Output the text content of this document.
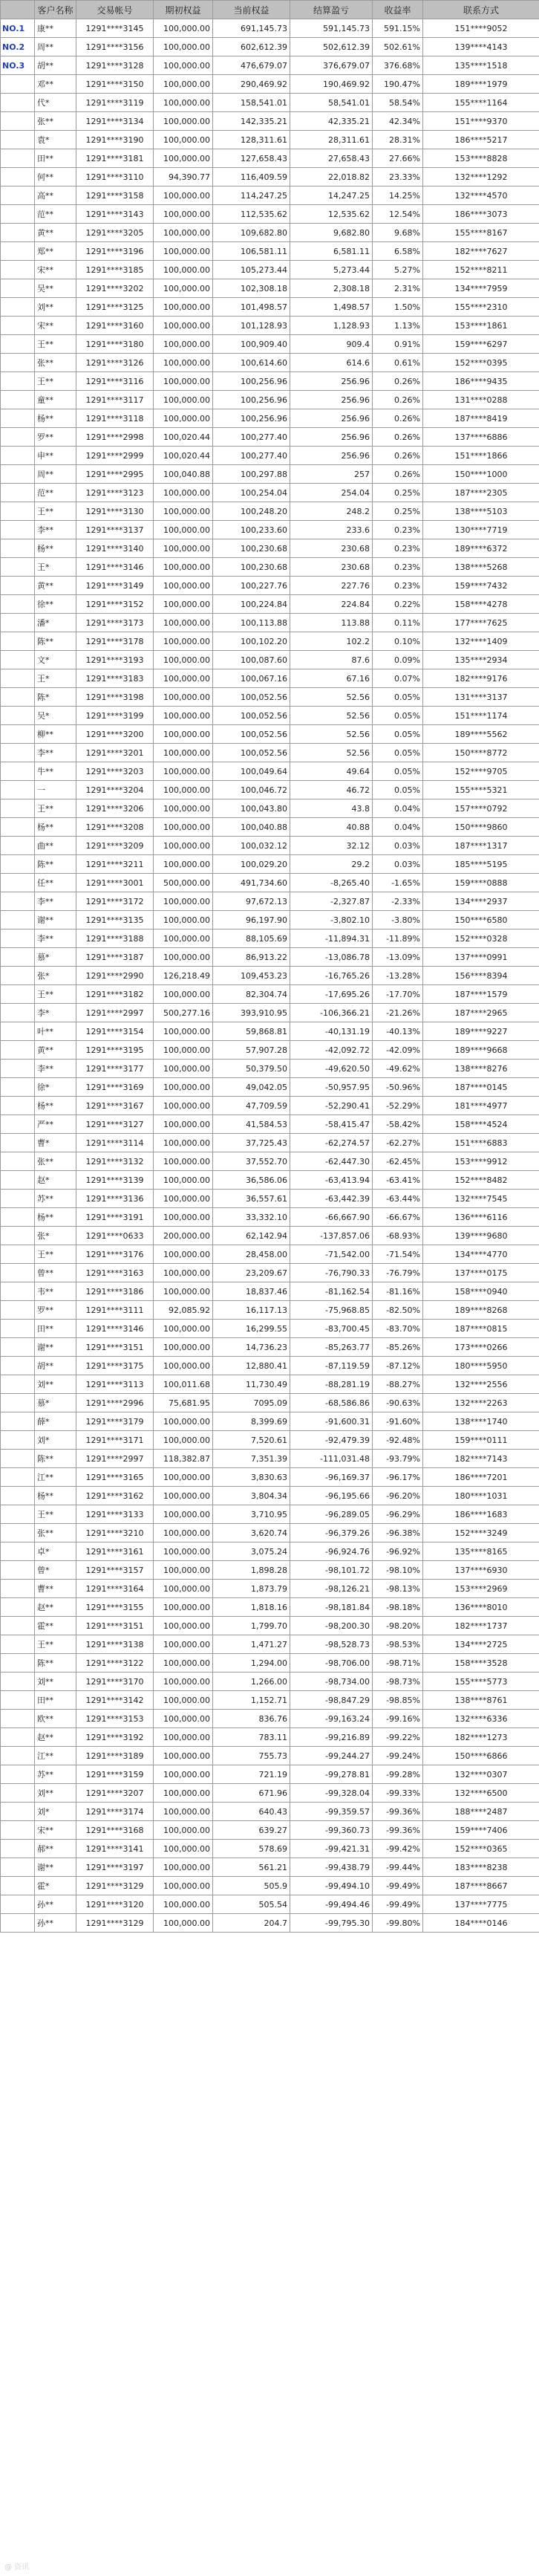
	客户名称	交易帐号	期初权益	当前权益	结算盈亏	收益率	联系方式
NO.1	康**	1291****3145	100,000.00	691,145.73	591,145.73	591.15%	151****9052
NO.2	周**	1291****3156	100,000.00	602,612.39	502,612.39	502.61%	139****4143
NO.3	胡**	1291****3128	100,000.00	476,679.07	376,679.07	376.68%	135****1518
	邓**	1291****3150	100,000.00	290,469.92	190,469.92	190.47%	189****1979
	代*	1291****3119	100,000.00	158,541.01	58,541.01	58.54%	155****1164
	张**	1291****3134	100,000.00	142,335.21	42,335.21	42.34%	151****9370
	袁*	1291****3190	100,000.00	128,311.61	28,311.61	28.31%	186****5217
	田**	1291****3181	100,000.00	127,658.43	27,658.43	27.66%	153****8828
	何**	1291****3110	94,390.77	116,409.59	22,018.82	23.33%	132****1292
	高**	1291****3158	100,000.00	114,247.25	14,247.25	14.25%	132****4570
	范**	1291****3143	100,000.00	112,535.62	12,535.62	12.54%	186****3073
	黄**	1291****3205	100,000.00	109,682.80	9,682.80	9.68%	155****8167
	郑**	1291****3196	100,000.00	106,581.11	6,581.11	6.58%	182****7627
	宋**	1291****3185	100,000.00	105,273.44	5,273.44	5.27%	152****8211
	吴**	1291****3202	100,000.00	102,308.18	2,308.18	2.31%	134****7959
	刘**	1291****3125	100,000.00	101,498.57	1,498.57	1.50%	155****2310
	宋**	1291****3160	100,000.00	101,128.93	1,128.93	1.13%	153****1861
	王**	1291****3180	100,000.00	100,909.40	909.4	0.91%	159****6297
	张**	1291****3126	100,000.00	100,614.60	614.6	0.61%	152****0395
	王**	1291****3116	100,000.00	100,256.96	256.96	0.26%	186****9435
	童**	1291****3117	100,000.00	100,256.96	256.96	0.26%	131****0288
	杨**	1291****3118	100,000.00	100,256.96	256.96	0.26%	187****8419
	罗**	1291****2998	100,020.44	100,277.40	256.96	0.26%	137****6886
	申**	1291****2999	100,020.44	100,277.40	256.96	0.26%	151****1866
	周**	1291****2995	100,040.88	100,297.88	257	0.26%	150****1000
	范**	1291****3123	100,000.00	100,254.04	254.04	0.25%	187****2305
	王**	1291****3130	100,000.00	100,248.20	248.2	0.25%	138****5103
	李**	1291****3137	100,000.00	100,233.60	233.6	0.23%	130****7719
	杨**	1291****3140	100,000.00	100,230.68	230.68	0.23%	189****6372
	王*	1291****3146	100,000.00	100,230.68	230.68	0.23%	138****5268
	黄**	1291****3149	100,000.00	100,227.76	227.76	0.23%	159****7432
	徐**	1291****3152	100,000.00	100,224.84	224.84	0.22%	158****4278
	潘*	1291****3173	100,000.00	100,113.88	113.88	0.11%	177****7625
	陈**	1291****3178	100,000.00	100,102.20	102.2	0.10%	132****1409
	文*	1291****3193	100,000.00	100,087.60	87.6	0.09%	135****2934
	王*	1291****3183	100,000.00	100,067.16	67.16	0.07%	182****9176
	陈*	1291****3198	100,000.00	100,052.56	52.56	0.05%	131****3137
	吴*	1291****3199	100,000.00	100,052.56	52.56	0.05%	151****1174
	柳**	1291****3200	100,000.00	100,052.56	52.56	0.05%	189****5562
	李**	1291****3201	100,000.00	100,052.56	52.56	0.05%	150****8772
	牛**	1291****3203	100,000.00	100,049.64	49.64	0.05%	152****9705
	一	1291****3204	100,000.00	100,046.72	46.72	0.05%	155****5321
	王**	1291****3206	100,000.00	100,043.80	43.8	0.04%	157****0792
	杨**	1291****3208	100,000.00	100,040.88	40.88	0.04%	150****9860
	曲**	1291****3209	100,000.00	100,032.12	32.12	0.03%	187****1317
	陈**	1291****3211	100,000.00	100,029.20	29.2	0.03%	185****5195
	任**	1291****3001	500,000.00	491,734.60	-8,265.40	-1.65%	159****0888
	李**	1291****3172	100,000.00	97,672.13	-2,327.87	-2.33%	134****2937
	谢**	1291****3135	100,000.00	96,197.90	-3,802.10	-3.80%	150****6580
	李**	1291****3188	100,000.00	88,105.69	-11,894.31	-11.89%	152****0328
	慕*	1291****3187	100,000.00	86,913.22	-13,086.78	-13.09%	137****0991
	张*	1291****2990	126,218.49	109,453.23	-16,765.26	-13.28%	156****8394
	王**	1291****3182	100,000.00	82,304.74	-17,695.26	-17.70%	187****1579
	李*	1291****2997	500,277.16	393,910.95	-106,366.21	-21.26%	187****2965
	叶**	1291****3154	100,000.00	59,868.81	-40,131.19	-40.13%	189****9227
	黄**	1291****3195	100,000.00	57,907.28	-42,092.72	-42.09%	189****9668
	李**	1291****3177	100,000.00	50,379.50	-49,620.50	-49.62%	138****8276
	徐*	1291****3169	100,000.00	49,042.05	-50,957.95	-50.96%	187****0145
	杨**	1291****3167	100,000.00	47,709.59	-52,290.41	-52.29%	181****4977
	严**	1291****3127	100,000.00	41,584.53	-58,415.47	-58.42%	158****4524
	曹*	1291****3114	100,000.00	37,725.43	-62,274.57	-62.27%	151****6883
	张**	1291****3132	100,000.00	37,552.70	-62,447.30	-62.45%	153****9912
	赵*	1291****3139	100,000.00	36,586.06	-63,413.94	-63.41%	152****8482
	苏**	1291****3136	100,000.00	36,557.61	-63,442.39	-63.44%	132****7545
	杨**	1291****3191	100,000.00	33,332.10	-66,667.90	-66.67%	136****6116
	张*	1291****0633	200,000.00	62,142.94	-137,857.06	-68.93%	139****9680
	王**	1291****3176	100,000.00	28,458.00	-71,542.00	-71.54%	134****4770
	曾**	1291****3163	100,000.00	23,209.67	-76,790.33	-76.79%	137****0175
	韦**	1291****3186	100,000.00	18,837.46	-81,162.54	-81.16%	158****0940
	罗**	1291****3111	92,085.92	16,117.13	-75,968.85	-82.50%	189****8268
	田**	1291****3146	100,000.00	16,299.55	-83,700.45	-83.70%	187****0815
	谢**	1291****3151	100,000.00	14,736.23	-85,263.77	-85.26%	173****0266
	胡**	1291****3175	100,000.00	12,880.41	-87,119.59	-87.12%	180****5950
	刘**	1291****3113	100,011.68	11,730.49	-88,281.19	-88.27%	132****2556
	慕*	1291****2996	75,681.95	7095.09	-68,586.86	-90.63%	132****2263
	薛*	1291****3179	100,000.00	8,399.69	-91,600.31	-91.60%	138****1740
	刘*	1291****3171	100,000.00	7,520.61	-92,479.39	-92.48%	159****0111
	陈**	1291****2997	118,382.87	7,351.39	-111,031.48	-93.79%	182****7143
	江**	1291****3165	100,000.00	3,830.63	-96,169.37	-96.17%	186****7201
	杨**	1291****3162	100,000.00	3,804.34	-96,195.66	-96.20%	180****1031
	王**	1291****3133	100,000.00	3,710.95	-96,289.05	-96.29%	186****1683
	张**	1291****3210	100,000.00	3,620.74	-96,379.26	-96.38%	152****3249
	卓*	1291****3161	100,000.00	3,075.24	-96,924.76	-96.92%	135****8165
	曾*	1291****3157	100,000.00	1,898.28	-98,101.72	-98.10%	137****6930
	曹**	1291****3164	100,000.00	1,873.79	-98,126.21	-98.13%	153****2969
	赵**	1291****3155	100,000.00	1,818.16	-98,181.84	-98.18%	136****8010
	霍**	1291****3151	100,000.00	1,799.70	-98,200.30	-98.20%	182****1737
	王**	1291****3138	100,000.00	1,471.27	-98,528.73	-98.53%	134****2725
	陈**	1291****3122	100,000.00	1,294.00	-98,706.00	-98.71%	158****3528
	刘**	1291****3170	100,000.00	1,266.00	-98,734.00	-98.73%	155****5773
	田**	1291****3142	100,000.00	1,152.71	-98,847.29	-98.85%	138****8761
	欧**	1291****3153	100,000.00	836.76	-99,163.24	-99.16%	132****6336
	赵**	1291****3192	100,000.00	783.11	-99,216.89	-99.22%	182****1273
	江**	1291****3189	100,000.00	755.73	-99,244.27	-99.24%	150****6866
	苏**	1291****3159	100,000.00	721.19	-99,278.81	-99.28%	132****0307
	刘**	1291****3207	100,000.00	671.96	-99,328.04	-99.33%	132****6500
	刘*	1291****3174	100,000.00	640.43	-99,359.57	-99.36%	188****2487
	宋**	1291****3168	100,000.00	639.27	-99,360.73	-99.36%	159****7406
	郝**	1291****3141	100,000.00	578.69	-99,421.31	-99.42%	152****0365
	谢**	1291****3197	100,000.00	561.21	-99,438.79	-99.44%	183****8238
	霍*	1291****3129	100,000.00	505.9	-99,494.10	-99.49%	187****8667
	孙**	1291****3120	100,000.00	505.54	-99,494.46	-99.49%	137****7775
	孙**	1291****3129	100,000.00	204.7	-99,795.30	-99.80%	184****0146
@ 资讯
